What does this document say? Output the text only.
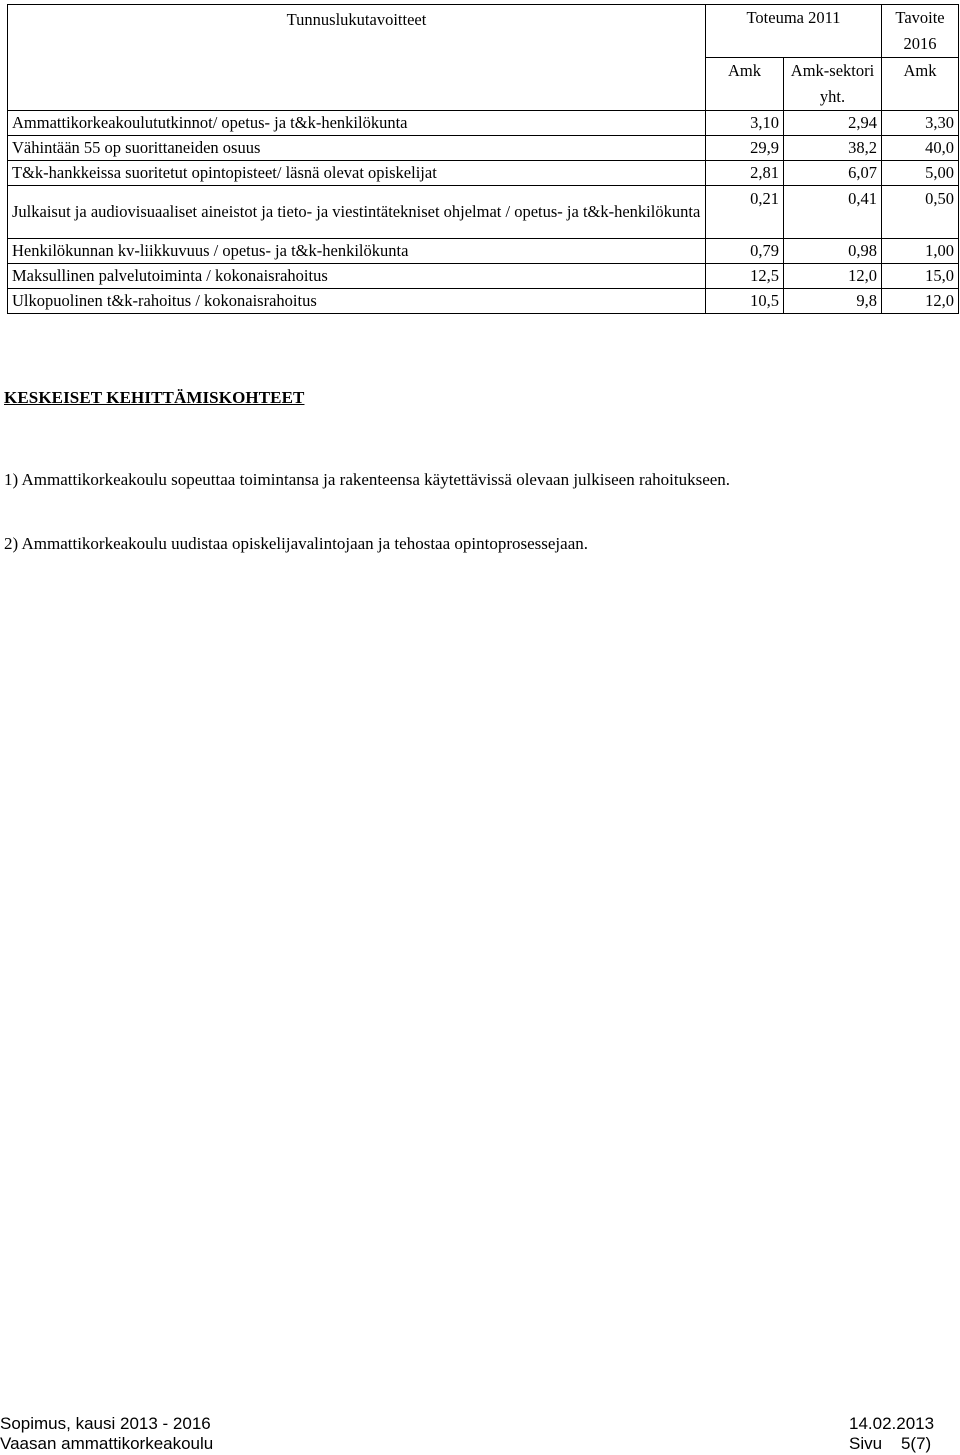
Tunnuslukutavoitteet	Toteuma 2011		Tavoite 2016
	Amk	Amk-sektori yht.	Amk
Ammattikorkeakoulututkinnot/ opetus- ja t&k-henkilökunta	3,10	2,94	3,30
Vähintään 55 op suorittaneiden osuus	29,9	38,2	40,0
T&k-hankkeissa suoritetut opintopisteet/ läsnä olevat opiskelijat	2,81	6,07	5,00
Julkaisut ja audiovisuaaliset aineistot ja tieto- ja viestintätekniset ohjelmat / opetus- ja t&k-henkilökunta	0,21	0,41	0,50
Henkilökunnan kv-liikkuvuus / opetus- ja t&k-henkilökunta	0,79	0,98	1,00
Maksullinen palvelutoiminta / kokonaisrahoitus	12,5	12,0	15,0
Ulkopuolinen t&k-rahoitus / kokonaisrahoitus	10,5	9,8	12,0
KESKEISET KEHITTÄMISKOHTEET
1) Ammattikorkeakoulu sopeuttaa toimintansa ja rakenteensa käytettävissä olevaan julkiseen rahoitukseen.
2) Ammattikorkeakoulu uudistaa opiskelijavalintojaan ja tehostaa opintoprosessejaan.
Sopimus, kausi 2013 - 2016	14.02.2013
Vaasan ammattikorkeakoulu	Sivu    5(7)
